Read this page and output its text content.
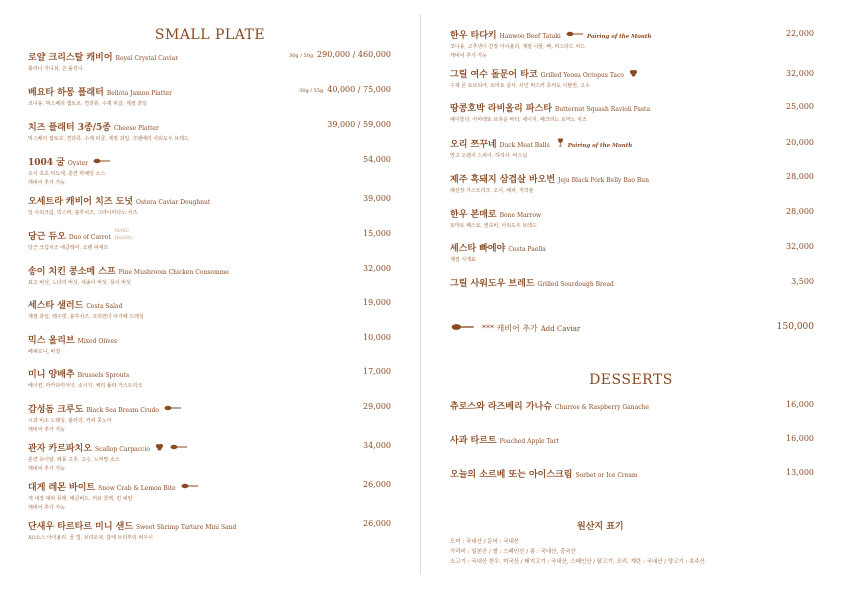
SMALL PLATE
로얄 크리스탈 캐비어 Royal Crystal Caviar
블리니 가니쉬, 곤 돌리니
30g / 50g 290,000 / 460,000
베요타 하몽 플래터 Bellota Jamon Platter
코니숑, 믹스베리 잼토르, 견과류, 수제 피클, 계절 과일
30g / 55g 40,000 / 75,000
치즈 플래터 3종/5종 Cheese Platter
믹스베리 잼토르, 견과류, 수제 피클, 계절 과일, 크랜베리 사워도우 브레드
39,000 / 59,000
1004 굴 Oyster
오이 초초 미뇨네, 훈연 악배일 소스
캐비어 추가 가능
54,000
오세트라 캐비어 치즈 도넛 Ostera Caviar Doughnut
딜 사워크림, 빅스버, 블루치즈, 그라나파다노 치즈
39,000
당근 듀오 Duo of CarrotMAKE
Healthy
당근 크림치즈 에클레어, 오렌 파세트
15,000
송이 치킨 콩소메 스프 Pine Mushroom Chicken Consomme
표고 버섯, 느타리 버섯, 새송이 버섯, 목이 버섯
32,000
세스타 샐러드 Cesta Salad
계절 과일, 레수빗, 블루치즈, 코리엔더 아가베 드레싱
19,000
믹스 올리브 Mixed Olives
페퍼로니, 바질
10,000
미니 양배추 Brussels Sprouts
베이컨, 마카다미아넛, 소시지, 체리 폴라 가스트리크
17,000
감성돔 크루도 Black Sea Bream Crudo
시과 비소 드레싱, 블러리, 커피 콩노아
캐비어 추가 가능
29,000
관자 카르파치오 Scallop Carpaccio
훈연 유이알, 레몽 고추, 고수, 느억맘 소스
캐비어 추가 가능
34,000
대게 레몬 바이트 Snow Crab & Lemon Bite
게 내장 대파 퓨레, 해콘버드, 커브 콜렉, 킨 퍼틴
캐비어 추가 가능
26,000
단새우 타르타르 미니 샌드 Sweet Shrimp Tartare Mini Sand
XO소스 아이올리, 골 껍, 브리오쉬, 감태 브리부리 퍼우이
26,000
한우 타다키 Hanwoo Beef Tataki	Pairing of the Month
코니숑, 고추냉이 간장 아이올리, 계절 나물, 빠, 머스타드 씨드
캐비어 추가 가능
22,000
그릴 여수 돌문어 타코 Grilled Yeosu Octopus Taco
수제 콘 토르티야, 토마토 살사, 사인 버스커 초커도 이탈권, 고수
32,000
땅콩호박 라비올리 파스타 Butternut Squash Ravioli Pasta
헤이즐넛, 아마레또 브라운 버터, 세이지, 페코리노 로마노 치즈
25,000
오리 쯔꾸네 Duck Meat Balls	Pairing of the Month
망고 오렌지 스피어, 하리사, 바스님
20,000
제주 흑돼지 삼겹살 바오번 Jeju Black Pork Belly Bao Bun
해선장 가스트리크, 오이, 배파, 직작푼
28,000
한우 본매로 Bone Marrow
토마토 페스토, 엔초비, 사워도우 브레드
28,000
세스타 빠에야 Cesta Paella
계절 식재료
32,000
그릴 사워도우 브레드 Grilled Sourdough Bread	3,500
*** 캐비어 추가 Add Caviar	150,000
DESSERTS
츄로스와 라즈베리 가나슈 Churros & Raspberry Ganache	16,000
사과 타르트 Poached Apple Tart	16,000
오늘의 소르베 또는 아이스크림 Sorbet or Ice Cream	13,000
원산지 표기
도미 : 국내산 / 문어 : 국내산
가리비 : 일본산 / 쌀 : 스페인산 / 콩 : 국내산, 중국산
소고기 : 국내산 한우, 미국산 / 돼지고기 : 국내산, 스페인산 / 닭고기, 오리, 계란 : 국내산 / 양고기 : 호주산
